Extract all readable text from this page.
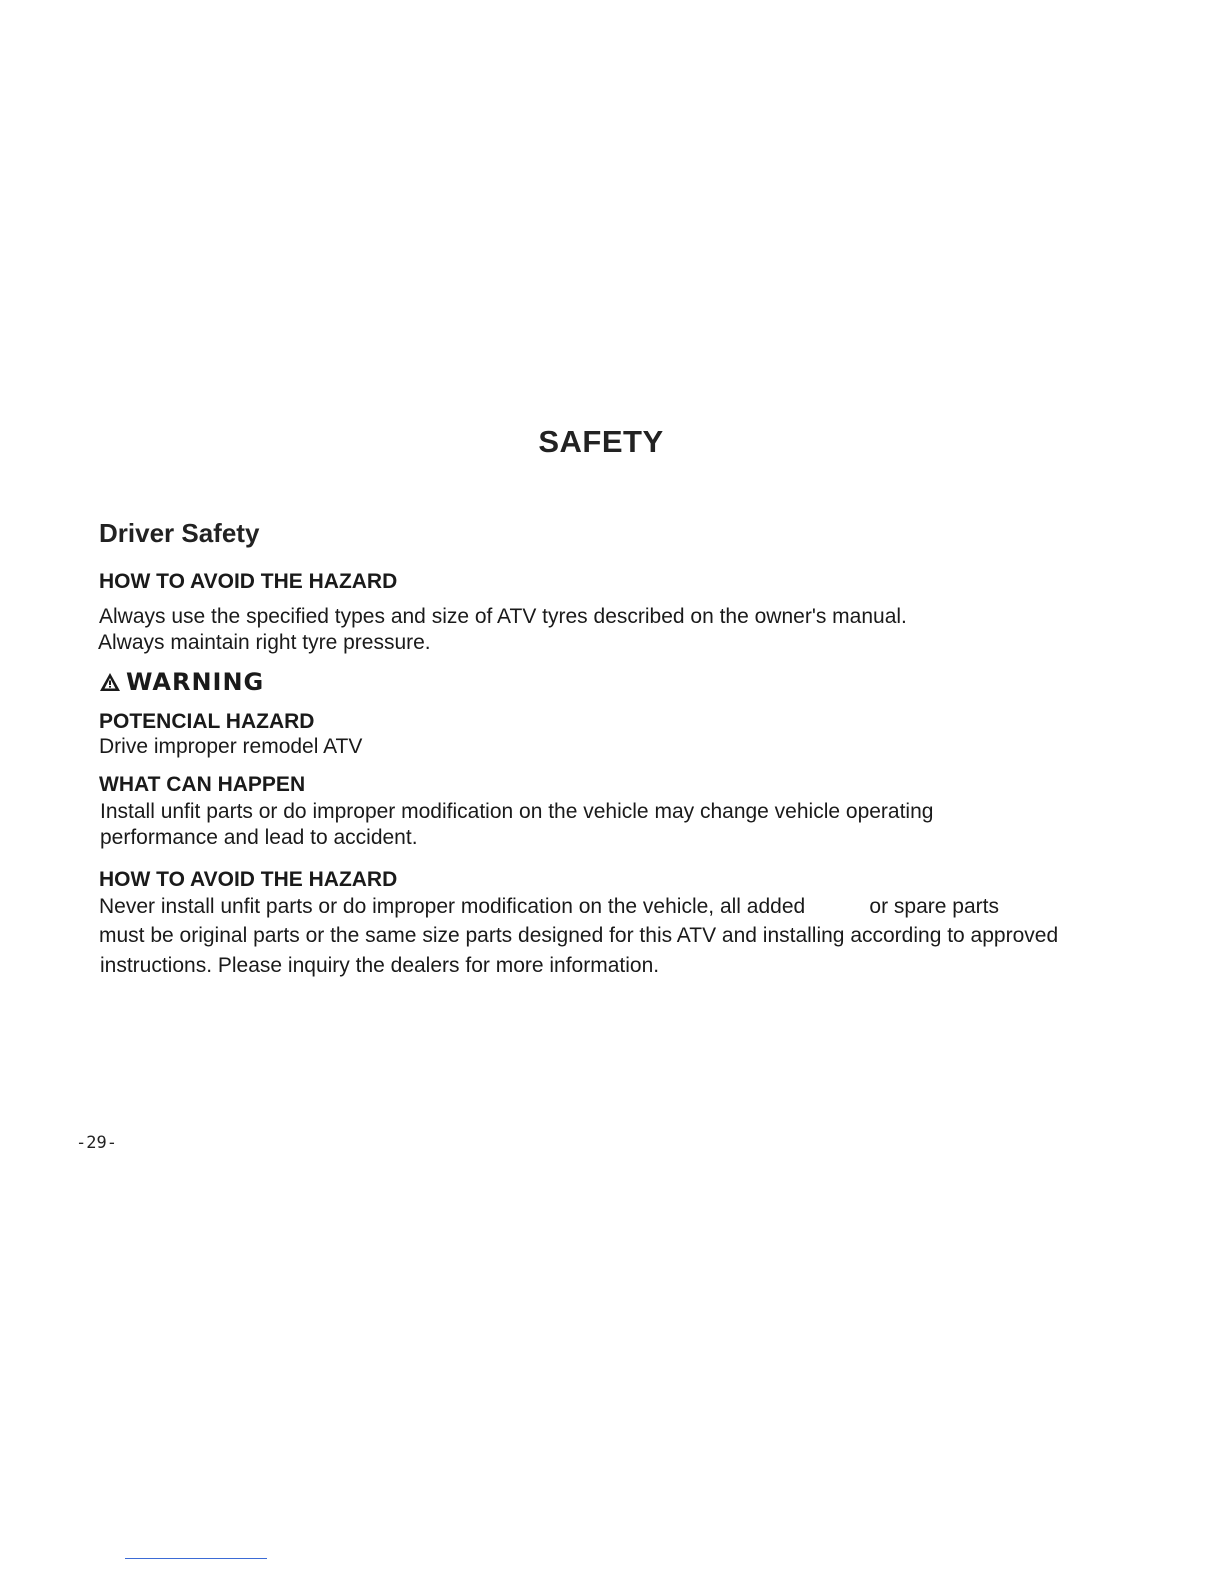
SAFETY
Driver Safety
HOW TO AVOID THE HAZARD
Always use the specified types and size of ATV tyres described on the owner's manual.
Always maintain right tyre pressure.
WARNING
POTENCIAL HAZARD
Drive improper remodel ATV
WHAT CAN HAPPEN
Install unfit parts or do improper modification on the vehicle may change vehicle operating
performance and lead to accident.
HOW TO AVOID THE HAZARD
Never install unfit parts or do improper modification on the vehicle, all added           or spare parts
must be original parts or the same size parts designed for this ATV and installing according to approved
instructions. Please inquiry the dealers for more information.
-29-
